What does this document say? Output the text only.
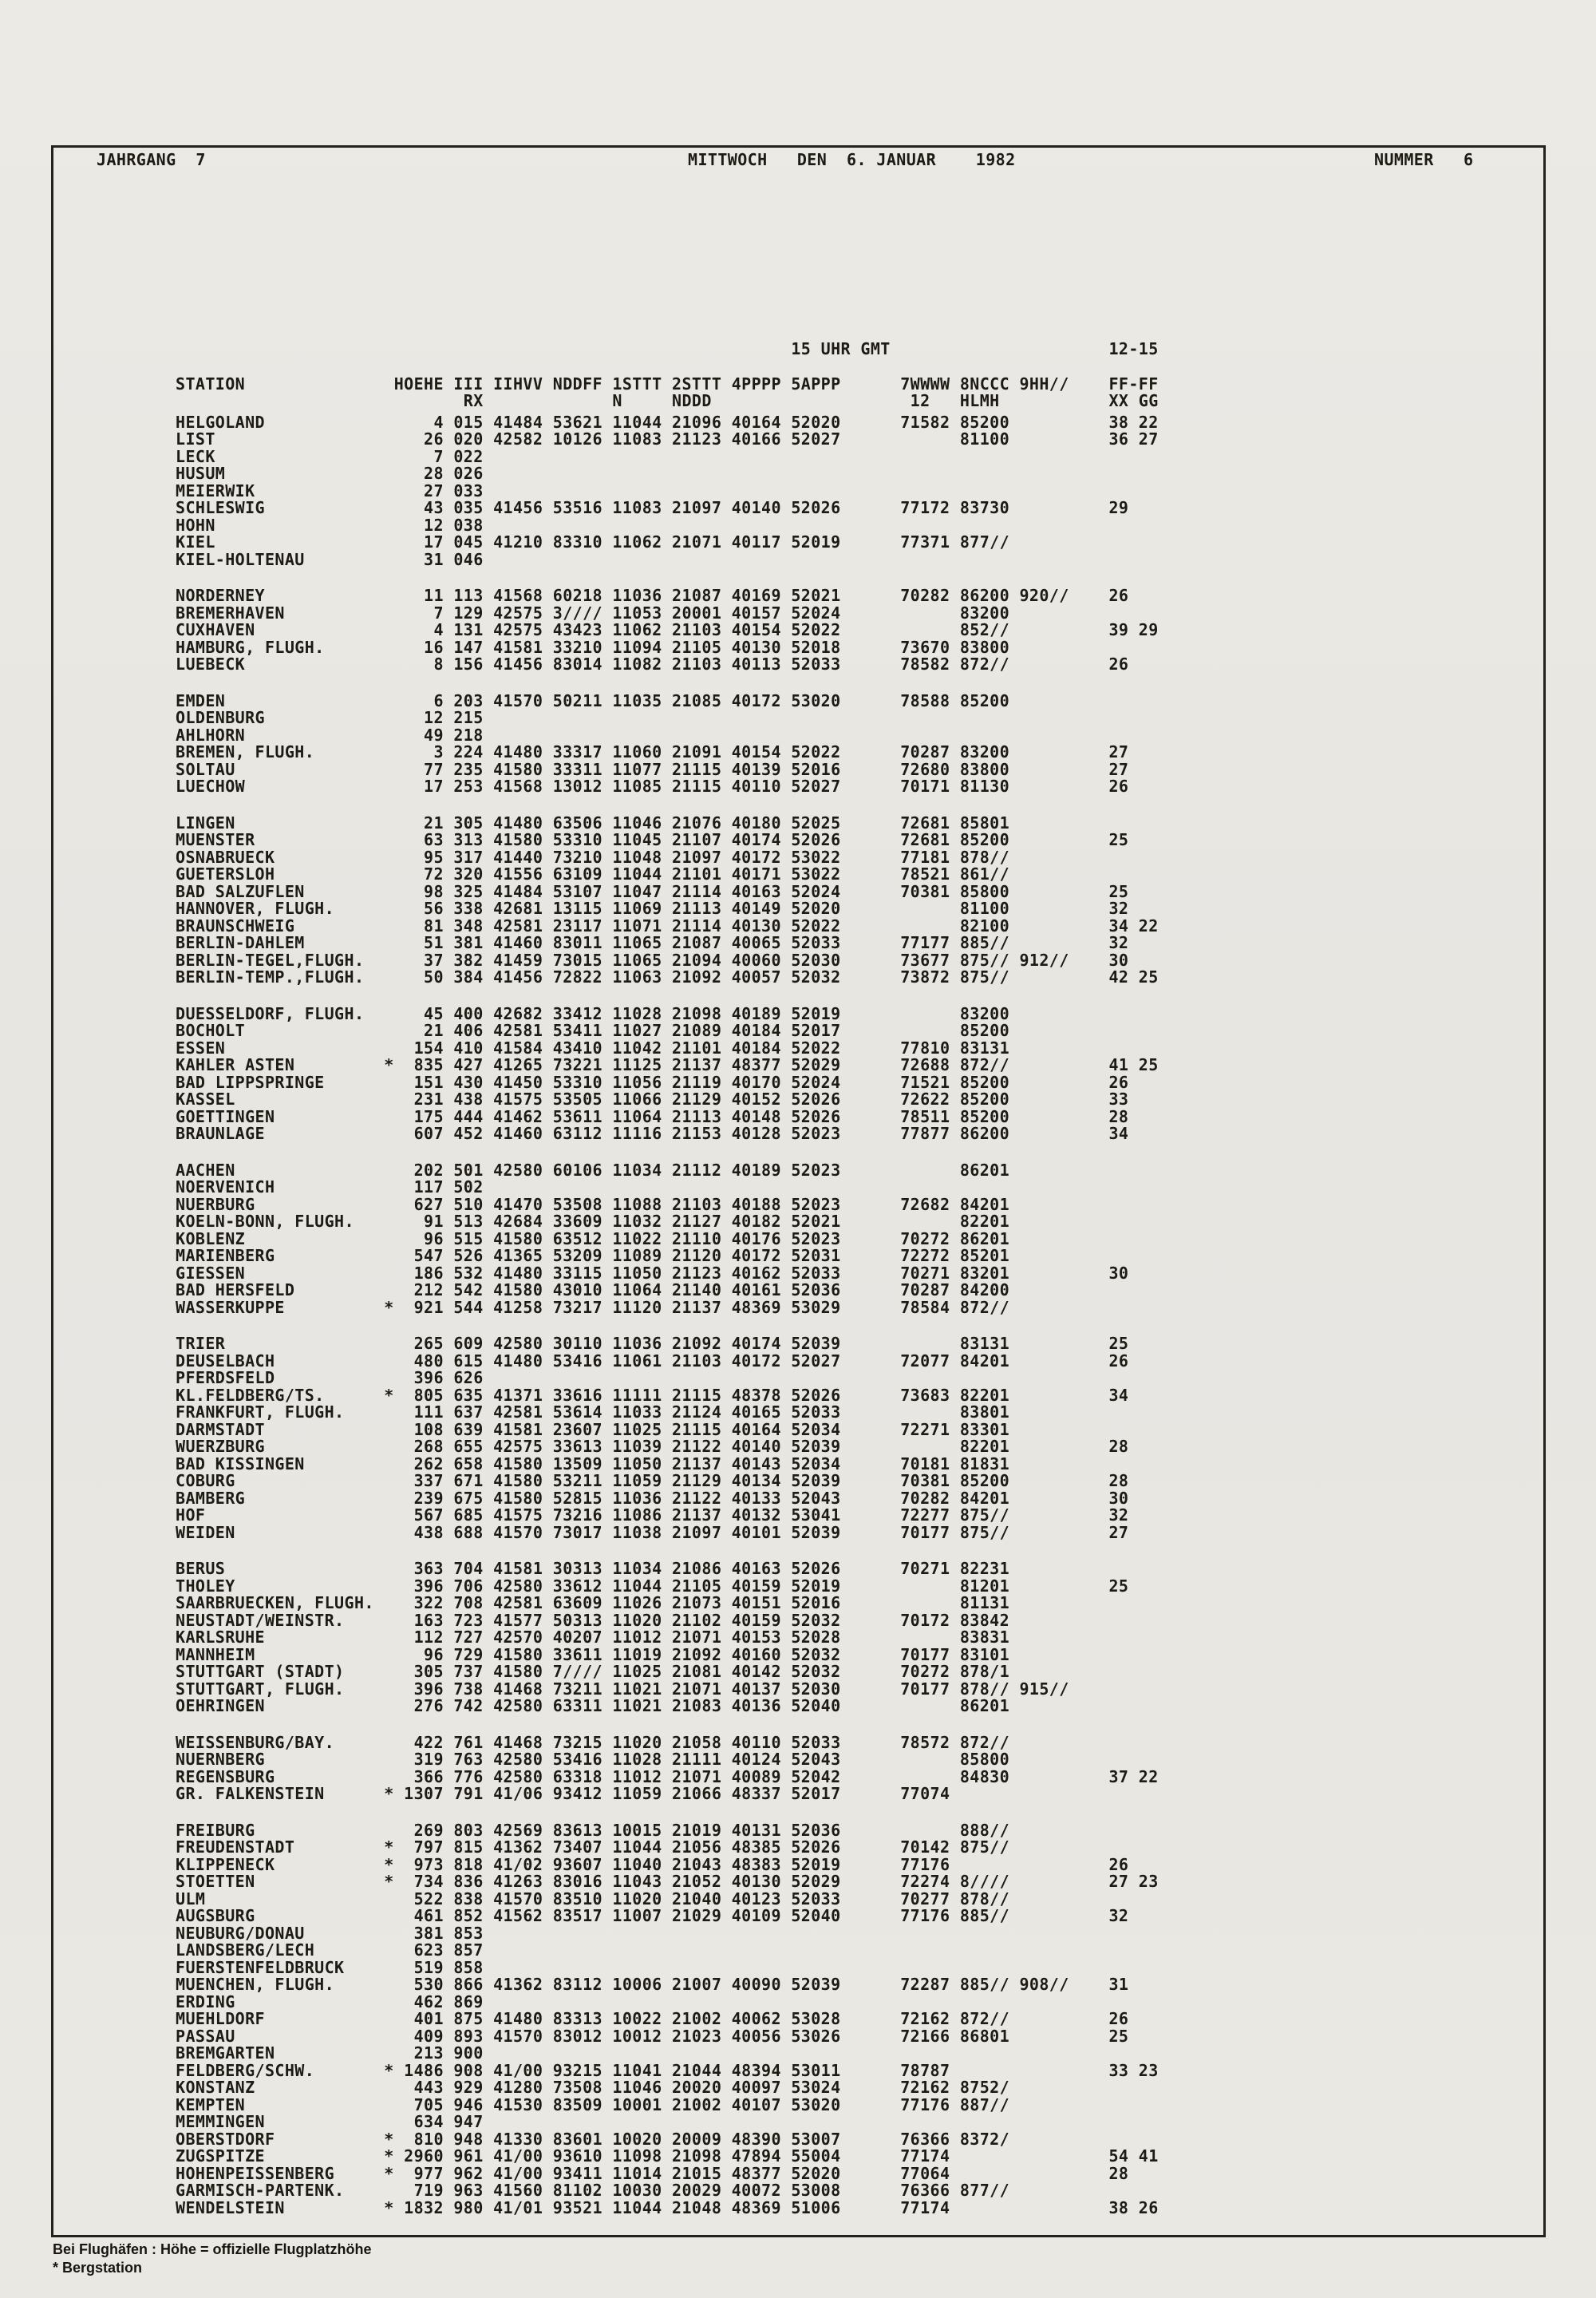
JAHRGANG  7	MITTWOCH   DEN  6. JANUAR    1982	NUMMER   6
15 UHR GMT                      12-15
STATION               HOEHE III IIHVV NDDFF 1STTT 2STTT 4PPPP 5APPP      7WWWW 8NCCC 9HH//    FF-FF
RX             N     NDDD                    12   HLMH           XX GG
HELGOLAND                 4 015 41484 53621 11044 21096 40164 52020      71582 85200          38 22
LIST                     26 020 42582 10126 11083 21123 40166 52027            81100          36 27
LECK                      7 022
HUSUM                    28 026
MEIERWIK                 27 033
SCHLESWIG                43 035 41456 53516 11083 21097 40140 52026      77172 83730          29
HOHN                     12 038
KIEL                     17 045 41210 83310 11062 21071 40117 52019      77371 877//
KIEL-HOLTENAU            31 046
NORDERNEY                11 113 41568 60218 11036 21087 40169 52021      70282 86200 920//    26
BREMERHAVEN               7 129 42575 3//// 11053 20001 40157 52024            83200
CUXHAVEN                  4 131 42575 43423 11062 21103 40154 52022            852//          39 29
HAMBURG, FLUGH.          16 147 41581 33210 11094 21105 40130 52018      73670 83800
LUEBECK                   8 156 41456 83014 11082 21103 40113 52033      78582 872//          26
EMDEN                     6 203 41570 50211 11035 21085 40172 53020      78588 85200
OLDENBURG                12 215
AHLHORN                  49 218
BREMEN, FLUGH.            3 224 41480 33317 11060 21091 40154 52022      70287 83200          27
SOLTAU                   77 235 41580 33311 11077 21115 40139 52016      72680 83800          27
LUECHOW                  17 253 41568 13012 11085 21115 40110 52027      70171 81130          26
LINGEN                   21 305 41480 63506 11046 21076 40180 52025      72681 85801
MUENSTER                 63 313 41580 53310 11045 21107 40174 52026      72681 85200          25
OSNABRUECK               95 317 41440 73210 11048 21097 40172 53022      77181 878//
GUETERSLOH               72 320 41556 63109 11044 21101 40171 53022      78521 861//
BAD SALZUFLEN            98 325 41484 53107 11047 21114 40163 52024      70381 85800          25
HANNOVER, FLUGH.         56 338 42681 13115 11069 21113 40149 52020            81100          32
BRAUNSCHWEIG             81 348 42581 23117 11071 21114 40130 52022            82100          34 22
BERLIN-DAHLEM            51 381 41460 83011 11065 21087 40065 52033      77177 885//          32
BERLIN-TEGEL,FLUGH.      37 382 41459 73015 11065 21094 40060 52030      73677 875// 912//    30
BERLIN-TEMP.,FLUGH.      50 384 41456 72822 11063 21092 40057 52032      73872 875//          42 25
DUESSELDORF, FLUGH.      45 400 42682 33412 11028 21098 40189 52019            83200
BOCHOLT                  21 406 42581 53411 11027 21089 40184 52017            85200
ESSEN                   154 410 41584 43410 11042 21101 40184 52022      77810 83131
KAHLER ASTEN         *  835 427 41265 73221 11125 21137 48377 52029      72688 872//          41 25
BAD LIPPSPRINGE         151 430 41450 53310 11056 21119 40170 52024      71521 85200          26
KASSEL                  231 438 41575 53505 11066 21129 40152 52026      72622 85200          33
GOETTINGEN              175 444 41462 53611 11064 21113 40148 52026      78511 85200          28
BRAUNLAGE               607 452 41460 63112 11116 21153 40128 52023      77877 86200          34
AACHEN                  202 501 42580 60106 11034 21112 40189 52023            86201
NOERVENICH              117 502
NUERBURG                627 510 41470 53508 11088 21103 40188 52023      72682 84201
KOELN-BONN, FLUGH.       91 513 42684 33609 11032 21127 40182 52021            82201
KOBLENZ                  96 515 41580 63512 11022 21110 40176 52023      70272 86201
MARIENBERG              547 526 41365 53209 11089 21120 40172 52031      72272 85201
GIESSEN                 186 532 41480 33115 11050 21123 40162 52033      70271 83201          30
BAD HERSFELD            212 542 41580 43010 11064 21140 40161 52036      70287 84200
WASSERKUPPE          *  921 544 41258 73217 11120 21137 48369 53029      78584 872//
TRIER                   265 609 42580 30110 11036 21092 40174 52039            83131          25
DEUSELBACH              480 615 41480 53416 11061 21103 40172 52027      72077 84201          26
PFERDSFELD              396 626
KL.FELDBERG/TS.      *  805 635 41371 33616 11111 21115 48378 52026      73683 82201          34
FRANKFURT, FLUGH.       111 637 42581 53614 11033 21124 40165 52033            83801
DARMSTADT               108 639 41581 23607 11025 21115 40164 52034      72271 83301
WUERZBURG               268 655 42575 33613 11039 21122 40140 52039            82201          28
BAD KISSINGEN           262 658 41580 13509 11050 21137 40143 52034      70181 81831
COBURG                  337 671 41580 53211 11059 21129 40134 52039      70381 85200          28
BAMBERG                 239 675 41580 52815 11036 21122 40133 52043      70282 84201          30
HOF                     567 685 41575 73216 11086 21137 40132 53041      72277 875//          32
WEIDEN                  438 688 41570 73017 11038 21097 40101 52039      70177 875//          27
BERUS                   363 704 41581 30313 11034 21086 40163 52026      70271 82231
THOLEY                  396 706 42580 33612 11044 21105 40159 52019            81201          25
SAARBRUECKEN, FLUGH.    322 708 42581 63609 11026 21073 40151 52016            81131
NEUSTADT/WEINSTR.       163 723 41577 50313 11020 21102 40159 52032      70172 83842
KARLSRUHE               112 727 42570 40207 11012 21071 40153 52028            83831
MANNHEIM                 96 729 41580 33611 11019 21092 40160 52032      70177 83101
STUTTGART (STADT)       305 737 41580 7//// 11025 21081 40142 52032      70272 878/1
STUTTGART, FLUGH.       396 738 41468 73211 11021 21071 40137 52030      70177 878// 915//
OEHRINGEN               276 742 42580 63311 11021 21083 40136 52040            86201
WEISSENBURG/BAY.        422 761 41468 73215 11020 21058 40110 52033      78572 872//
NUERNBERG               319 763 42580 53416 11028 21111 40124 52043            85800
REGENSBURG              366 776 42580 63318 11012 21071 40089 52042            84830          37 22
GR. FALKENSTEIN      * 1307 791 41/06 93412 11059 21066 48337 52017      77074
FREIBURG                269 803 42569 83613 10015 21019 40131 52036            888//
FREUDENSTADT         *  797 815 41362 73407 11044 21056 48385 52026      70142 875//
KLIPPENECK           *  973 818 41/02 93607 11040 21043 48383 52019      77176                26
STOETTEN             *  734 836 41263 83016 11043 21052 40130 52029      72274 8////          27 23
ULM                     522 838 41570 83510 11020 21040 40123 52033      70277 878//
AUGSBURG                461 852 41562 83517 11007 21029 40109 52040      77176 885//          32
NEUBURG/DONAU           381 853
LANDSBERG/LECH          623 857
FUERSTENFELDBRUCK       519 858
MUENCHEN, FLUGH.        530 866 41362 83112 10006 21007 40090 52039      72287 885// 908//    31
ERDING                  462 869
MUEHLDORF               401 875 41480 83313 10022 21002 40062 53028      72162 872//          26
PASSAU                  409 893 41570 83012 10012 21023 40056 53026      72166 86801          25
BREMGARTEN              213 900
FELDBERG/SCHW.       * 1486 908 41/00 93215 11041 21044 48394 53011      78787                33 23
KONSTANZ                443 929 41280 73508 11046 20020 40097 53024      72162 8752/
KEMPTEN                 705 946 41530 83509 10001 21002 40107 53020      77176 887//
MEMMINGEN               634 947
OBERSTDORF           *  810 948 41330 83601 10020 20009 48390 53007      76366 8372/
ZUGSPITZE            * 2960 961 41/00 93610 11098 21098 47894 55004      77174                54 41
HOHENPEISSENBERG     *  977 962 41/00 93411 11014 21015 48377 52020      77064                28
GARMISCH-PARTENK.       719 963 41560 81102 10030 20029 40072 53008      76366 877//
WENDELSTEIN          * 1832 980 41/01 93521 11044 21048 48369 51006      77174                38 26
Bei Flughäfen : Höhe = offizielle Flugplatzhöhe
* Bergstation
